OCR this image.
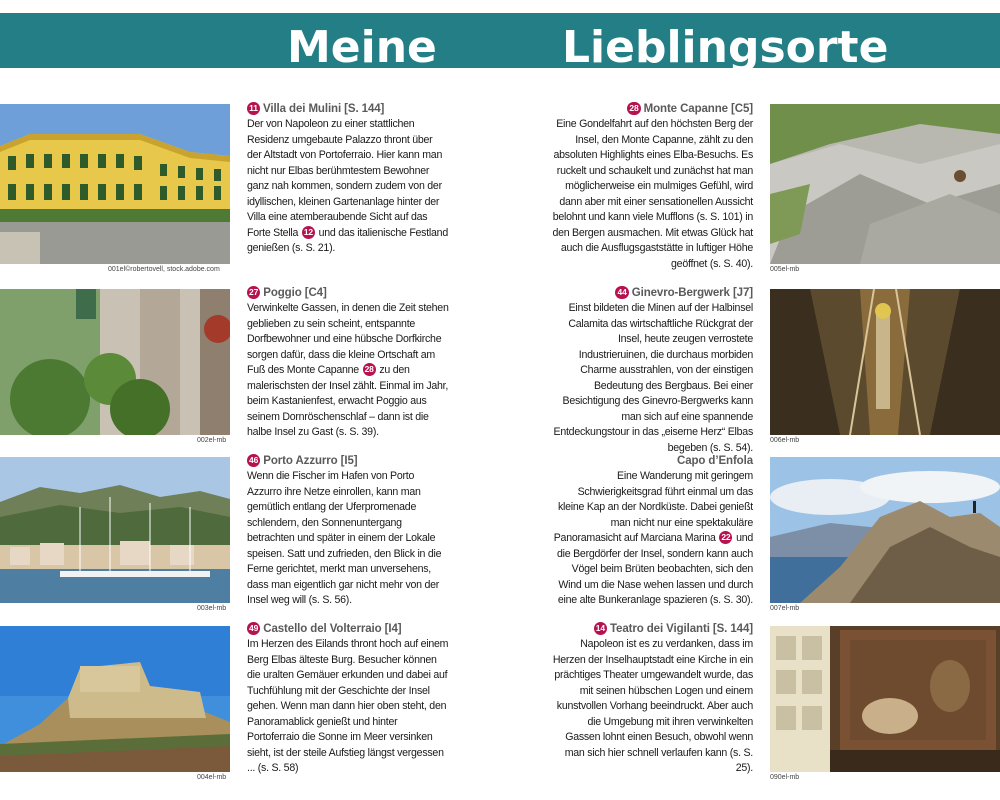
Meine	Lieblingsorte
001el©robertovell, stock.adobe.com
002el-mb
003el-mb
004el-mb
005el-mb
006el-mb
007el-mb
090el-mb
11 Villa dei Mulini [S. 144]
Der von Napoleon zu einer stattlichen Residenz umgebaute Palazzo thront über der Altstadt von Portoferraio. Hier kann man nicht nur Elbas berühmtestem Bewohner ganz nah kommen, sondern zudem von der idyllischen, kleinen Gartenanlage hinter der Villa eine atemberaubende Sicht auf das Forte Stella 12 und das italienische Festland genießen (s. S. 21).
27 Poggio [C4]
Verwinkelte Gassen, in denen die Zeit stehen geblieben zu sein scheint, entspannte Dorfbewohner und eine hübsche Dorfkirche sorgen dafür, dass die kleine Ortschaft am Fuß des Monte Capanne 28 zu den malerischsten der Insel zählt. Einmal im Jahr, beim Kastanienfest, erwacht Poggio aus seinem Dornröschenschlaf – dann ist die halbe Insel zu Gast (s. S. 39).
46 Porto Azzurro [I5]
Wenn die Fischer im Hafen von Porto Azzurro ihre Netze einrollen, kann man gemütlich entlang der Uferpromenade schlendern, den Sonnenuntergang betrachten und später in einem der Lokale speisen. Satt und zufrieden, den Blick in die Ferne gerichtet, merkt man unversehens, dass man eigentlich gar nicht mehr von der Insel weg will (s. S. 56).
49 Castello del Volterraio [I4]
Im Herzen des Eilands thront hoch auf einem Berg Elbas älteste Burg. Besucher können die uralten Gemäuer erkunden und dabei auf Tuchfühlung mit der Geschichte der Insel gehen. Wenn man dann hier oben steht, den Panoramablick genießt und hinter Portoferraio die Sonne im Meer versinken sieht, ist der steile Aufstieg längst vergessen ... (s. S. 58)
28 Monte Capanne [C5]
Eine Gondelfahrt auf den höchsten Berg der Insel, den Monte Capanne, zählt zu den absoluten Highlights eines Elba-Besuchs. Es ruckelt und schaukelt und zunächst hat man möglicherweise ein mulmiges Gefühl, wird dann aber mit einer sensationellen Aussicht belohnt und kann viele Mufflons (s. S. 101) in den Bergen ausmachen. Mit etwas Glück hat auch die Ausflugsgaststätte in luftiger Höhe geöffnet (s. S. 40).
44 Ginevro-Bergwerk [J7]
Einst bildeten die Minen auf der Halbinsel Calamita das wirtschaftliche Rückgrat der Insel, heute zeugen verrostete Industrieruinen, die durchaus morbiden Charme ausstrahlen, von der einstigen Bedeutung des Bergbaus. Bei einer Besichtigung des Ginevro-Bergwerks kann man sich auf eine spannende Entdeckungstour in das „eiserne Herz“ Elbas begeben (s. S. 54).
Capo d’Enfola
Eine Wanderung mit geringem Schwierigkeitsgrad führt einmal um das kleine Kap an der Nordküste. Dabei genießt man nicht nur eine spektakuläre Panoramasicht auf Marciana Marina 22 und die Bergdörfer der Insel, sondern kann auch Vögel beim Brüten beobachten, sich den Wind um die Nase wehen lassen und durch eine alte Bunkeranlage spazieren (s. S. 30).
14 Teatro dei Vigilanti [S. 144]
Napoleon ist es zu verdanken, dass im Herzen der Inselhauptstadt eine Kirche in ein prächtiges Theater umgewandelt wurde, das mit seinen hübschen Logen und einem kunstvollen Vorhang beeindruckt. Aber auch die Umgebung mit ihren verwinkelten Gassen lohnt einen Besuch, obwohl wenn man sich hier schnell verlaufen kann (s. S. 25).
